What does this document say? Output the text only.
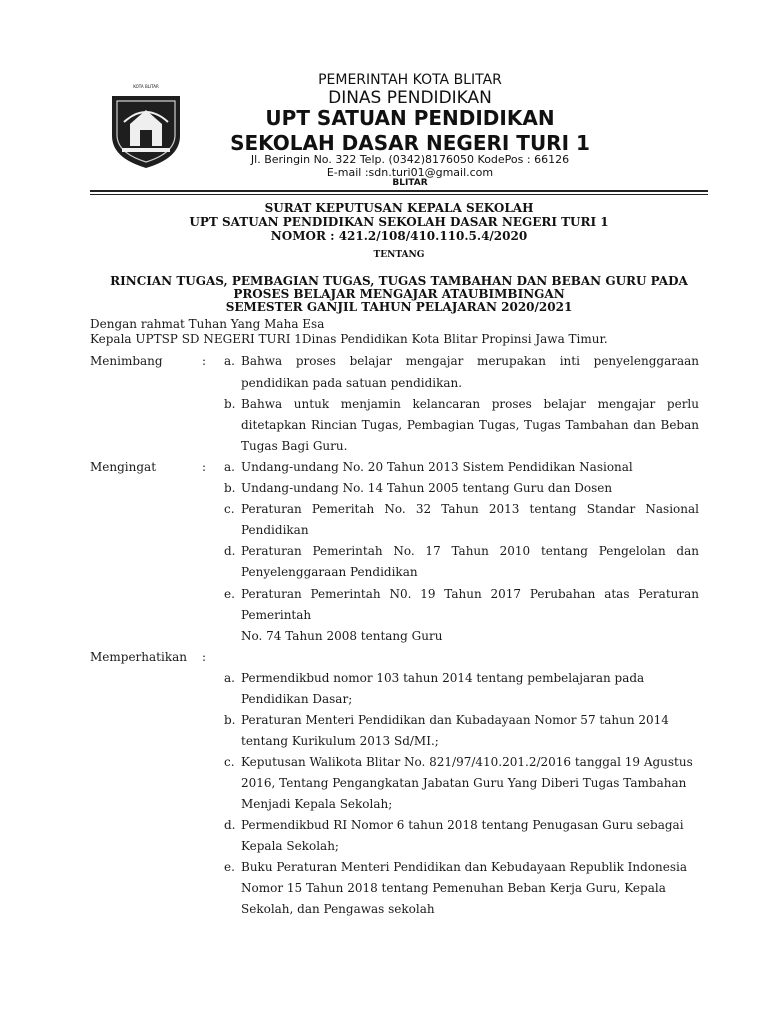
KOTA BLITAR	PEMERINTAH KOTA BLITAR
DINAS PENDIDIKAN
UPT SATUAN PENDIDIKAN
SEKOLAH DASAR NEGERI TURI 1
Jl. Beringin No. 322 Telp. (0342)8176050 KodePos : 66126
E-mail :sdn.turi01@gmail.com
BLITAR
SURAT KEPUTUSAN KEPALA SEKOLAH
UPT SATUAN PENDIDIKAN SEKOLAH DASAR NEGERI TURI 1
NOMOR : 421.2/108/410.110.5.4/2020
TENTANG
RINCIAN TUGAS, PEMBAGIAN TUGAS, TUGAS TAMBAHAN DAN BEBAN GURU PADA
PROSES BELAJAR MENGAJAR ATAUBIMBINGAN
SEMESTER GANJIL TAHUN PELAJARAN 2020/2021
Dengan rahmat Tuhan Yang Maha Esa
Kepala UPTSP SD NEGERI TURI 1Dinas Pendidikan Kota Blitar Propinsi Jawa Timur.
Menimbang	: a. Bahwa proses belajar mengajar merupakan inti penyelenggaraan
pendidikan pada satuan pendidikan.
b. Bahwa untuk menjamin kelancaran proses belajar mengajar perlu
ditetapkan Rincian Tugas, Pembagian Tugas, Tugas Tambahan dan Beban
Tugas Bagi Guru.
Mengingat	: a. Undang-undang No. 20 Tahun 2013 Sistem Pendidikan Nasional
b. Undang-undang No. 14 Tahun 2005 tentang Guru dan Dosen
c. Peraturan Pemeritah No. 32 Tahun 2013 tentang Standar Nasional
Pendidikan
d. Peraturan Pemerintah No. 17 Tahun 2010 tentang Pengelolan dan
Penyelenggaraan Pendidikan
e. Peraturan Pemerintah N0. 19 Tahun 2017 Perubahan atas Peraturan
Pemerintah
No. 74 Tahun 2008 tentang Guru
Memperhatikan :
a. Permendikbud nomor 103 tahun 2014 tentang pembelajaran pada
Pendidikan Dasar;
b. Peraturan Menteri Pendidikan dan Kubadayaan Nomor 57 tahun 2014
tentang Kurikulum 2013 Sd/MI.;
c. Keputusan Walikota Blitar No. 821/97/410.201.2/2016 tanggal 19 Agustus
2016, Tentang Pengangkatan Jabatan Guru Yang Diberi Tugas Tambahan
Menjadi Kepala Sekolah;
d. Permendikbud RI Nomor 6 tahun 2018 tentang Penugasan Guru sebagai
Kepala Sekolah;
e. Buku Peraturan Menteri Pendidikan dan Kebudayaan Republik Indonesia
Nomor 15 Tahun 2018 tentang Pemenuhan Beban Kerja Guru, Kepala
Sekolah, dan Pengawas sekolah
